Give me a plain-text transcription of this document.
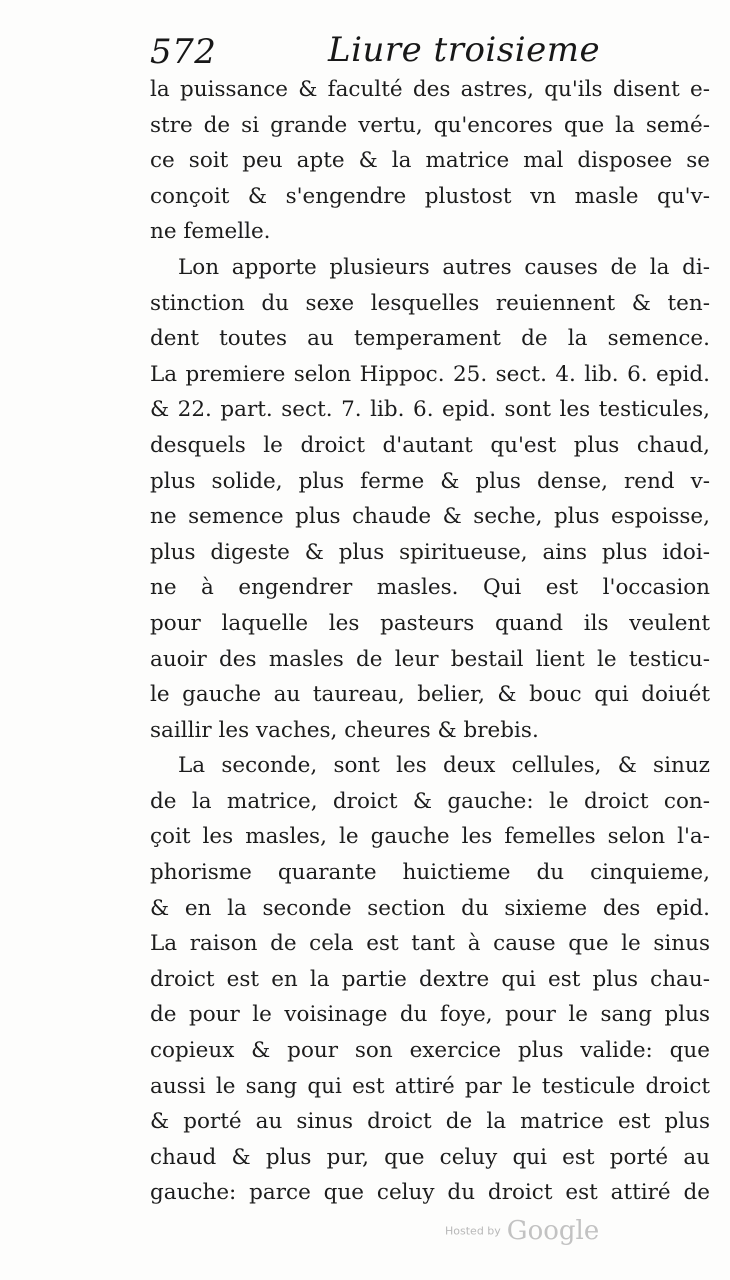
572	Liure troisieme
la puissance & faculté des astres, qu'ils disent e-
stre de si grande vertu, qu'encores que la semé-
ce soit peu apte & la matrice mal disposee se
conçoit & s'engendre plustost vn masle qu'v-
ne femelle.
Lon apporte plusieurs autres causes de la di-
stinction du sexe lesquelles reuiennent & ten-
dent toutes au temperament de la semence.
La premiere selon Hippoc. 25. sect. 4. lib. 6. epid.
& 22. part. sect. 7. lib. 6. epid. sont les testicules,
desquels le droict d'autant qu'est plus chaud,
plus solide, plus ferme & plus dense, rend v-
ne semence plus chaude & seche, plus espoisse,
plus digeste & plus spiritueuse, ains plus idoi-
ne à engendrer masles. Qui est l'occasion
pour laquelle les pasteurs quand ils veulent
auoir des masles de leur bestail lient le testicu-
le gauche au taureau, belier, & bouc qui doiuét
saillir les vaches, cheures & brebis.
La seconde, sont les deux cellules, & sinuz
de la matrice, droict & gauche: le droict con-
çoit les masles, le gauche les femelles selon l'a-
phorisme quarante huictieme du cinquieme,
& en la seconde section du sixieme des epid.
La raison de cela est tant à cause que le sinus
droict est en la partie dextre qui est plus chau-
de pour le voisinage du foye, pour le sang plus
copieux & pour son exercice plus valide: que
aussi le sang qui est attiré par le testicule droict
& porté au sinus droict de la matrice est plus
chaud & plus pur, que celuy qui est porté au
gauche: parce que celuy du droict est attiré de
Hosted by Google
